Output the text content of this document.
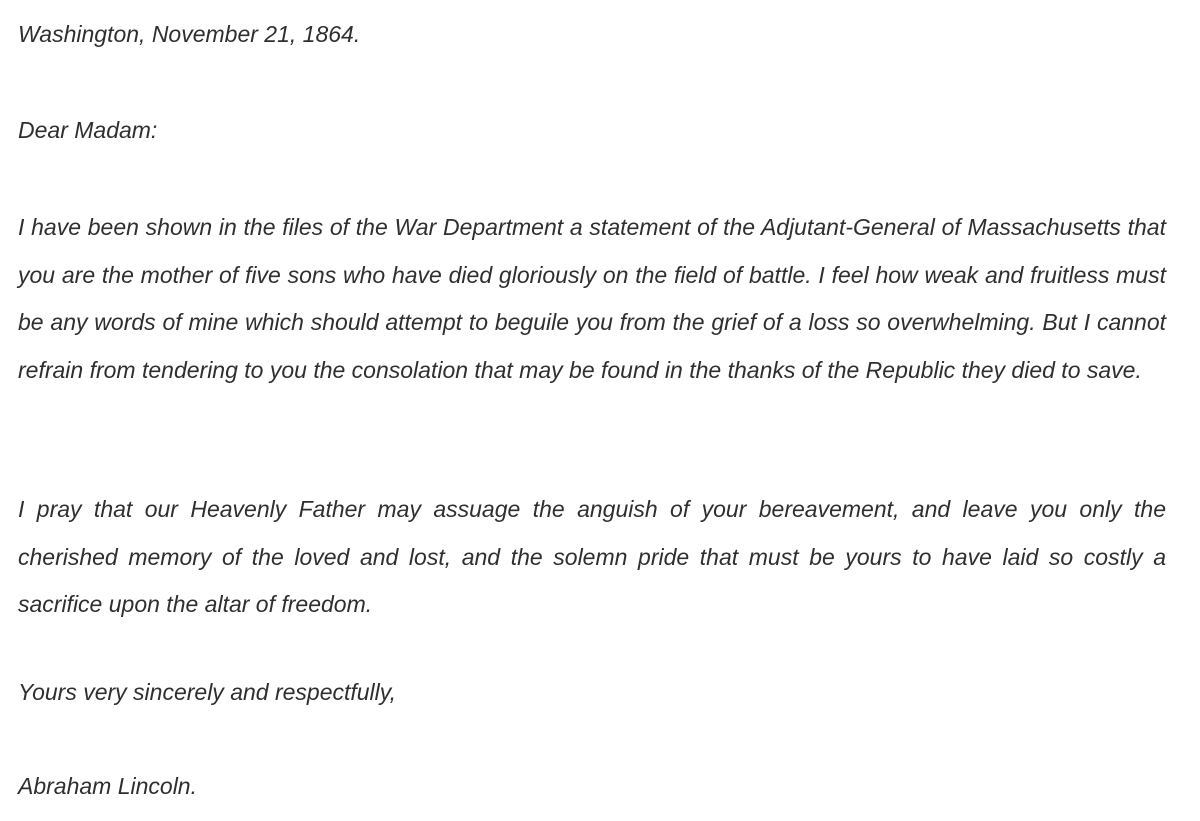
Washington, November 21, 1864.

Dear Madam:

I have been shown in the files of the War Department a statement of the Adjutant-General of Massachusetts that you are the mother of five sons who have died gloriously on the field of battle. I feel how weak and fruitless must be any words of mine which should attempt to beguile you from the grief of a loss so overwhelming. But I cannot refrain from tendering to you the consolation that may be found in the thanks of the Republic they died to save.

I pray that our Heavenly Father may assuage the anguish of your bereavement, and leave you only the cherished memory of the loved and lost, and the solemn pride that must be yours to have laid so costly a sacrifice upon the altar of freedom.

Yours very sincerely and respectfully,

Abraham Lincoln.
